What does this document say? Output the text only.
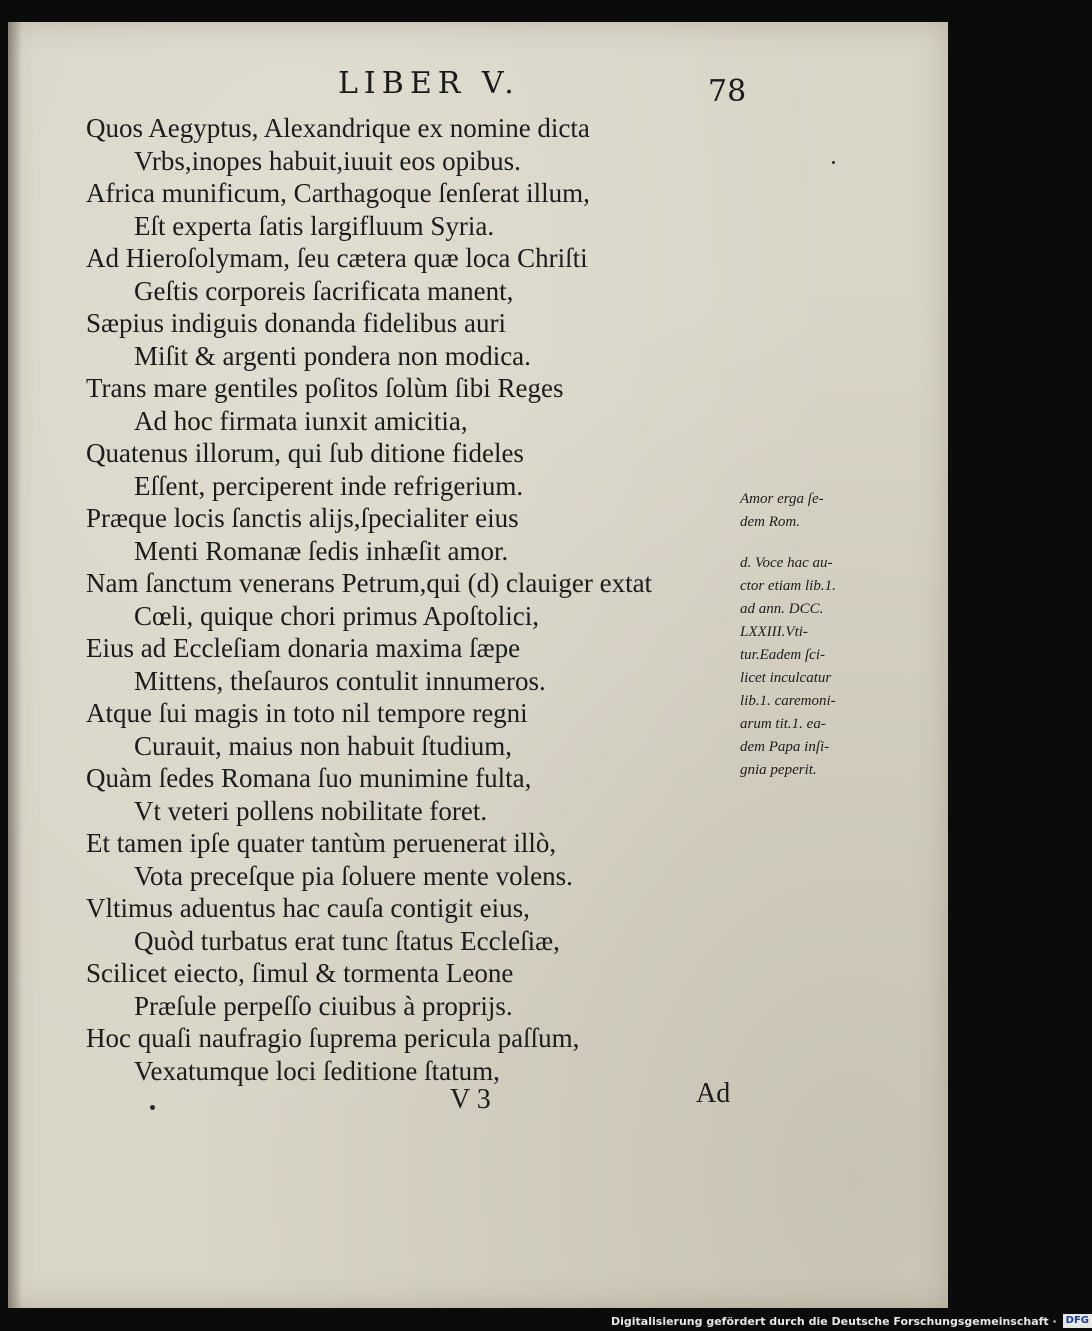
LIBER V.	78
Quos Aegyptus, Alexandrique ex nomine dicta
Vrbs,inopes habuit,iuuit eos opibus.
Africa munificum, Carthagoque ſenſerat illum,
Eſt experta ſatis largifluum Syria.
Ad Hieroſolymam, ſeu cætera quæ loca Chriſti
Geſtis corporeis ſacrificata manent,
Sæpius indiguis donanda fidelibus auri
Miſit & argenti pondera non modica.
Trans mare gentiles poſitos ſolùm ſibi Reges
Ad hoc firmata iunxit amicitia,
Quatenus illorum, qui ſub ditione fideles
Eſſent, perciperent inde refrigerium.
Præque locis ſanctis alijs,ſpecialiter eius
Menti Romanæ ſedis inhæſit amor.
Nam ſanctum venerans Petrum,qui (d) clauiger extat
Cœli, quique chori primus Apoſtolici,
Eius ad Eccleſiam donaria maxima ſæpe
Mittens, theſauros contulit innumeros.
Atque ſui magis in toto nil tempore regni
Curauit, maius non habuit ſtudium,
Quàm ſedes Romana ſuo munimine fulta,
Vt veteri pollens nobilitate foret.
Et tamen ipſe quater tantùm peruenerat illò,
Vota preceſque pia ſoluere mente volens.
Vltimus aduentus hac cauſa contigit eius,
Quòd turbatus erat tunc ſtatus Eccleſiæ,
Scilicet eiecto, ſimul & tormenta Leone
Præſule perpeſſo ciuibus à proprijs.
Hoc quaſi naufragio ſuprema pericula paſſum,
Vexatumque loci ſeditione ſtatum,
Amor erga ſe-
dem Rom.
d. Voce hac au-
ctor etiam lib.1.
ad ann. DCC.
LXXIII.Vti-
tur.Eadem ſci-
licet inculcatur
lib.1. caremoni-
arum tit.1. ea-
dem Papa inſi-
gnia peperit.
V 3	Ad
Digitalisierung gefördert durch die Deutsche Forschungsgemeinschaft · DFG
